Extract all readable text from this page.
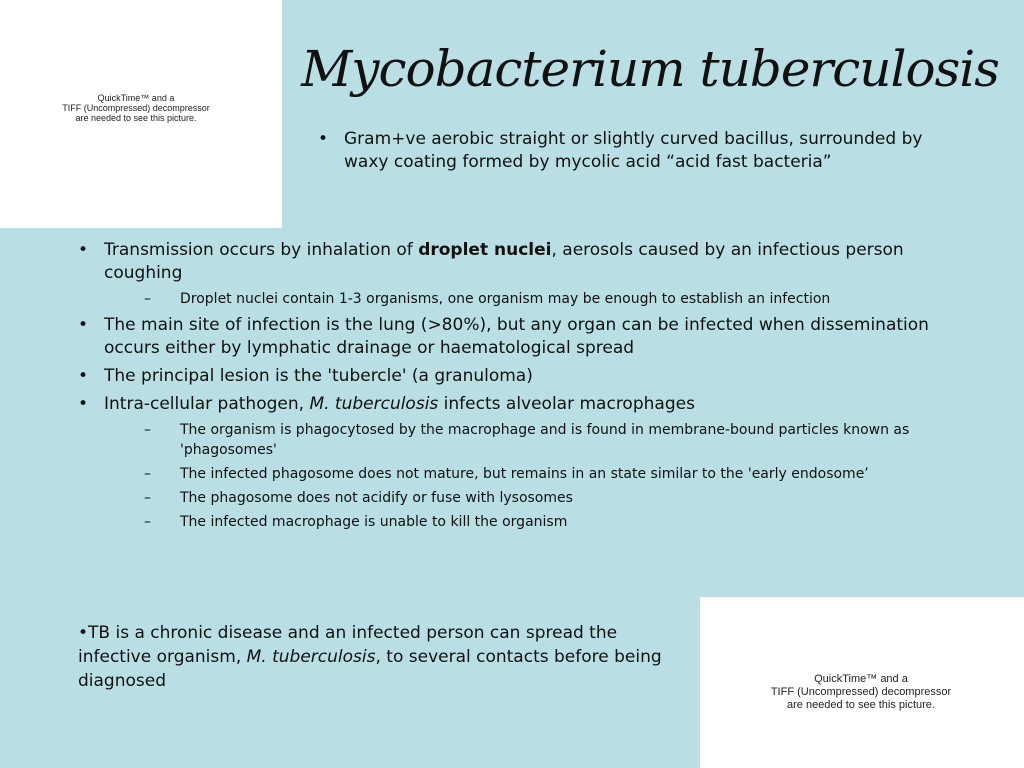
QuickTime™ and a
TIFF (Uncompressed) decompressor
are needed to see this picture.
QuickTime™ and a
TIFF (Uncompressed) decompressor
are needed to see this picture.
Mycobacterium tuberculosis
• Gram+ve aerobic straight or slightly curved bacillus, surrounded by waxy coating formed by mycolic acid “acid fast bacteria”
• Transmission occurs by inhalation of droplet nuclei, aerosols caused by an infectious person coughing
– Droplet nuclei contain 1-3 organisms, one organism may be enough to establish an infection
• The main site of infection is the lung (>80%), but any organ can be infected when dissemination occurs either by lymphatic drainage or haematological spread
• The principal lesion is the 'tubercle' (a granuloma)
• Intra-cellular pathogen, M. tuberculosis infects alveolar macrophages
– The organism is phagocytosed by the macrophage and is found in membrane-bound particles known as 'phagosomes'
– The infected phagosome does not mature, but remains in an state similar to the 'early endosome’
– The phagosome does not acidify or fuse with lysosomes
– The infected macrophage is unable to kill the organism
•TB is a chronic disease and an infected person can spread the infective organism, M. tuberculosis, to several contacts before being diagnosed
